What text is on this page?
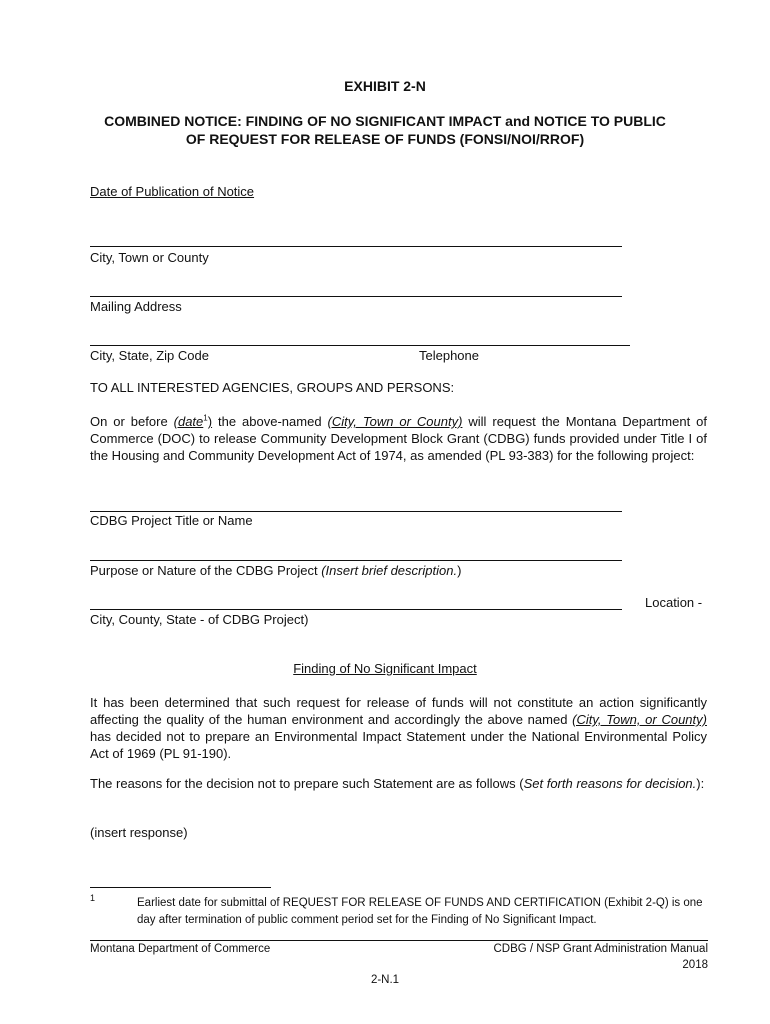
EXHIBIT 2-N
COMBINED NOTICE: FINDING OF NO SIGNIFICANT IMPACT and NOTICE TO PUBLIC
OF REQUEST FOR RELEASE OF FUNDS (FONSI/NOI/RROF)
Date of Publication of Notice
City, Town or County
Mailing Address
City, State, Zip Code	Telephone
TO ALL INTERESTED AGENCIES, GROUPS AND PERSONS:
On or before (date$^1$) the above-named (City, Town or County) will request the Montana Department of Commerce (DOC) to release Community Development Block Grant (CDBG) funds provided under Title I of the Housing and Community Development Act of 1974, as amended (PL 93-383) for the following project:
CDBG Project Title or Name
Purpose or Nature of the CDBG Project (Insert brief description.)
Location -
City, County, State - of CDBG Project)
Finding of No Significant Impact
It has been determined that such request for release of funds will not constitute an action significantly affecting the quality of the human environment and accordingly the above named (City, Town, or County) has decided not to prepare an Environmental Impact Statement under the National Environmental Policy Act of 1969 (PL 91-190).
The reasons for the decision not to prepare such Statement are as follows (Set forth reasons for decision.):
(insert response)
1	Earliest date for submittal of REQUEST FOR RELEASE OF FUNDS AND CERTIFICATION (Exhibit 2-Q) is one day after termination of public comment period set for the Finding of No Significant Impact.
Montana Department of Commerce	CDBG / NSP Grant Administration Manual
2018
2-N.1
